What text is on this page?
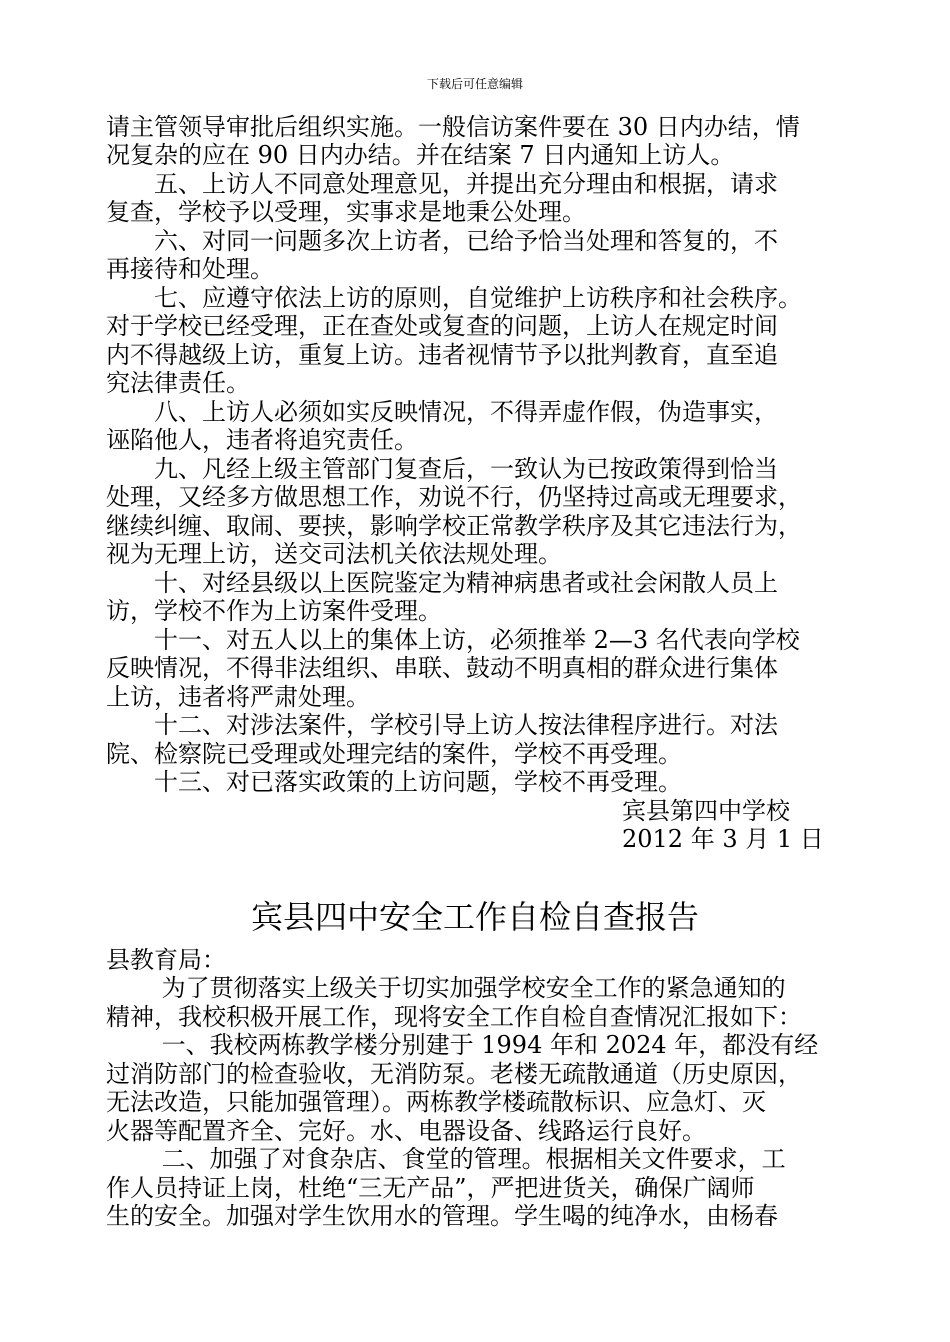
下载后可任意编辑
请主管领导审批后组织实施。一般信访案件要在 30 日内办结，情
况复杂的应在 90 日内办结。并在结案 7 日内通知上访人。
　　五、上访人不同意处理意见，并提出充分理由和根据，请求
复查，学校予以受理，实事求是地秉公处理。
　　六、对同一问题多次上访者，已给予恰当处理和答复的，不
再接待和处理。
　　七、应遵守依法上访的原则，自觉维护上访秩序和社会秩序。
对于学校已经受理，正在查处或复查的问题，上访人在规定时间
内不得越级上访，重复上访。违者视情节予以批判教育，直至追
究法律责任。
　　八、上访人必须如实反映情况，不得弄虚作假，伪造事实，
诬陷他人，违者将追究责任。
　　九、凡经上级主管部门复查后，一致认为已按政策得到恰当
处理，又经多方做思想工作，劝说不行，仍坚持过高或无理要求，
继续纠缠、取闹、要挟，影响学校正常教学秩序及其它违法行为，
视为无理上访，送交司法机关依法规处理。
　　十、对经县级以上医院鉴定为精神病患者或社会闲散人员上
访，学校不作为上访案件受理。
　　十一、对五人以上的集体上访，必须推举 2—3 名代表向学校
反映情况，不得非法组织、串联、鼓动不明真相的群众进行集体
上访，违者将严肃处理。
　　十二、对涉法案件，学校引导上访人按法律程序进行。对法
院、检察院已受理或处理完结的案件，学校不再受理。
　　十三、对已落实政策的上访问题，学校不再受理。
宾县第四中学校
2012 年 3 月 1 日
宾县四中安全工作自检自查报告
县教育局：
　　 为了贯彻落实上级关于切实加强学校安全工作的紧急通知的
精神，我校积极开展工作，现将安全工作自检自查情况汇报如下：
　　 一、我校两栋教学楼分别建于 1994 年和 2024 年，都没有经
过消防部门的检查验收，无消防泵。老楼无疏散通道（历史原因，
无法改造，只能加强管理）。两栋教学楼疏散标识、应急灯、灭
火器等配置齐全、完好。水、电器设备、线路运行良好。
　　 二、加强了对食杂店、食堂的管理。根据相关文件要求，工
作人员持证上岗，杜绝“三无产品”，严把进货关，确保广阔师
生的安全。加强对学生饮用水的管理。学生喝的纯净水，由杨春
